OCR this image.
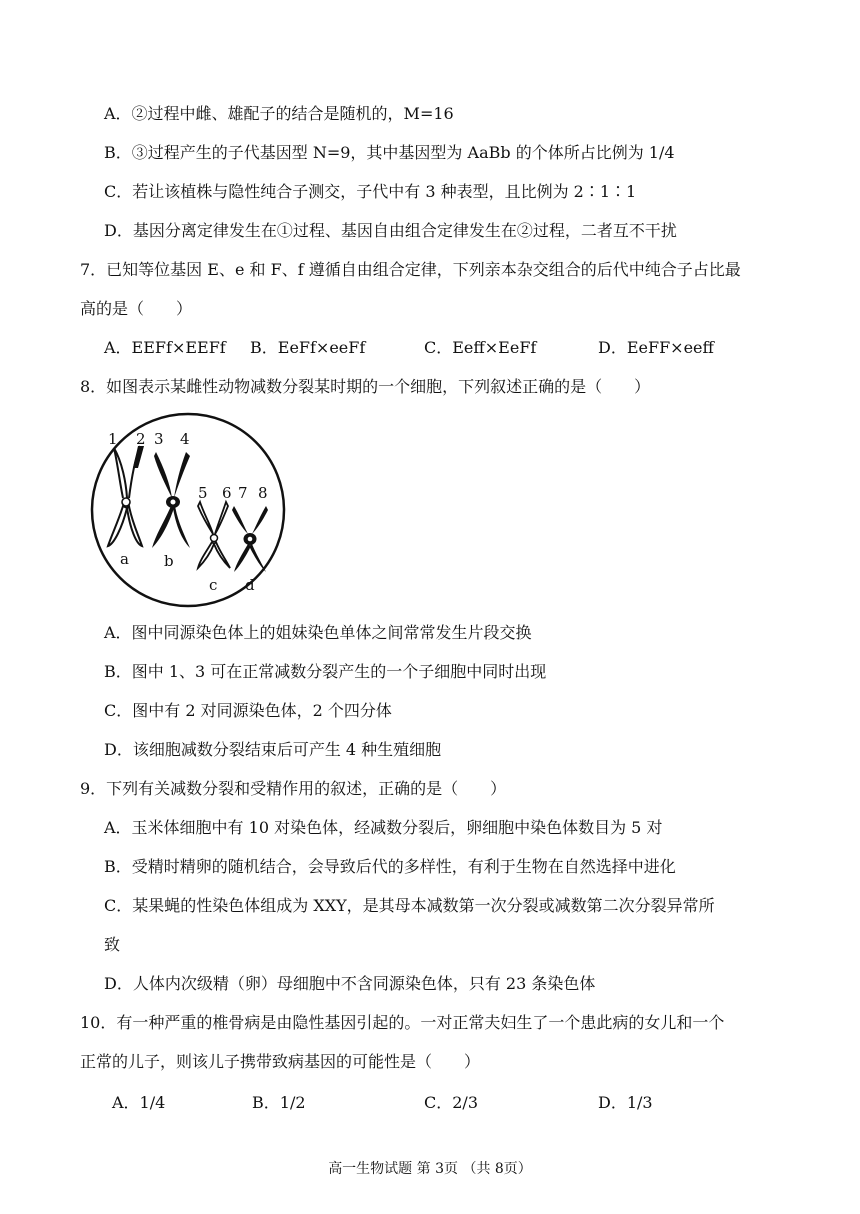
A．②过程中雌、雄配子的结合是随机的，M=16
B．③过程产生的子代基因型 N=9，其中基因型为 AaBb 的个体所占比例为 1/4
C．若让该植株与隐性纯合子测交，子代中有 3 种表型，且比例为 2∶1∶1
D．基因分离定律发生在①过程、基因自由组合定律发生在②过程，二者互不干扰
7．已知等位基因 E、e 和 F、f 遵循自由组合定律，下列亲本杂交组合的后代中纯合子占比最
高的是（　　）
A．EEFf×EEFf B．EeFf×eeFf	C．Eeff×EeFf	D．EeFF×eeff
8．如图表示某雌性动物减数分裂某时期的一个细胞，下列叙述正确的是（　　）
1 2 3 4
5 6 7 8
a b
c d
A．图中同源染色体上的姐妹染色单体之间常常发生片段交换
B．图中 1、3 可在正常减数分裂产生的一个子细胞中同时出现
C．图中有 2 对同源染色体，2 个四分体
D．该细胞减数分裂结束后可产生 4 种生殖细胞
9．下列有关减数分裂和受精作用的叙述，正确的是（　　）
A．玉米体细胞中有 10 对染色体，经减数分裂后，卵细胞中染色体数目为 5 对
B．受精时精卵的随机结合，会导致后代的多样性，有利于生物在自然选择中进化
C．某果蝇的性染色体组成为 XXY，是其母本减数第一次分裂或减数第二次分裂异常所
致
D．人体内次级精（卵）母细胞中不含同源染色体，只有 23 条染色体
10．有一种严重的椎骨病是由隐性基因引起的。一对正常夫妇生了一个患此病的女儿和一个
正常的儿子，则该儿子携带致病基因的可能性是（　　）
A．1/4	B．1/2	C．2/3	D．1/3
高一生物试题 第 3页 （共 8页）
